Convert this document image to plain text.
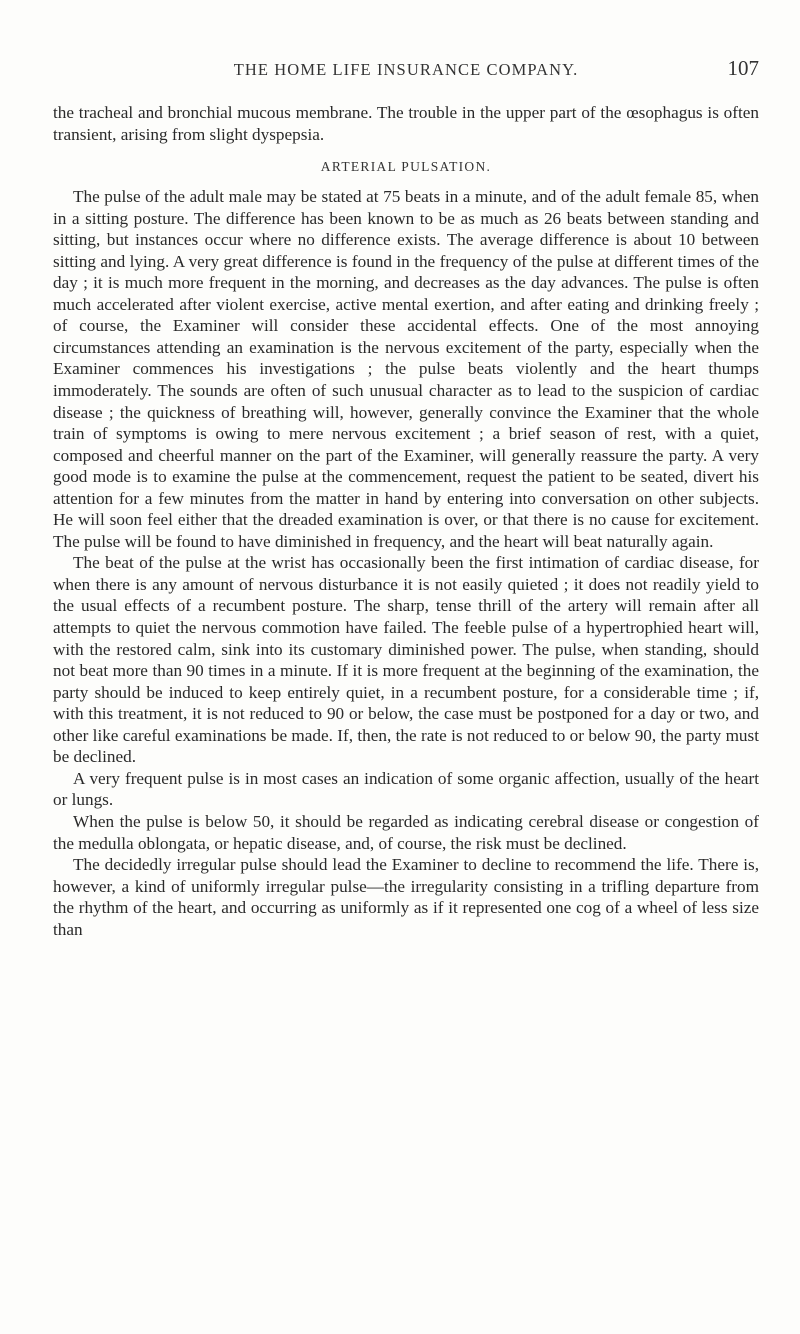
THE HOME LIFE INSURANCE COMPANY.	107

the tracheal and bronchial mucous membrane. The trouble in the upper part of the œsophagus is often transient, arising from slight dyspepsia.

ARTERIAL PULSATION.

The pulse of the adult male may be stated at 75 beats in a minute, and of the adult female 85, when in a sitting posture. The difference has been known to be as much as 26 beats between standing and sitting, but instances occur where no difference exists. The average difference is about 10 between sitting and lying. A very great difference is found in the frequency of the pulse at different times of the day ; it is much more frequent in the morning, and decreases as the day advances. The pulse is often much accelerated after violent exercise, active mental exertion, and after eating and drinking freely ; of course, the Examiner will consider these accidental effects. One of the most annoying circumstances attending an examination is the nervous excitement of the party, especially when the Examiner commences his investigations ; the pulse beats violently and the heart thumps immoderately. The sounds are often of such unusual character as to lead to the suspicion of cardiac disease ; the quickness of breathing will, however, generally convince the Examiner that the whole train of symptoms is owing to mere nervous excitement ; a brief season of rest, with a quiet, composed and cheerful manner on the part of the Examiner, will generally reassure the party. A very good mode is to examine the pulse at the commencement, request the patient to be seated, divert his attention for a few minutes from the matter in hand by entering into conversation on other subjects. He will soon feel either that the dreaded examination is over, or that there is no cause for excitement. The pulse will be found to have diminished in frequency, and the heart will beat naturally again.

The beat of the pulse at the wrist has occasionally been the first intimation of cardiac disease, for when there is any amount of nervous disturbance it is not easily quieted ; it does not readily yield to the usual effects of a recumbent posture. The sharp, tense thrill of the artery will remain after all attempts to quiet the nervous commotion have failed. The feeble pulse of a hypertrophied heart will, with the restored calm, sink into its customary diminished power. The pulse, when standing, should not beat more than 90 times in a minute. If it is more frequent at the beginning of the examination, the party should be induced to keep entirely quiet, in a recumbent posture, for a considerable time ; if, with this treatment, it is not reduced to 90 or below, the case must be postponed for a day or two, and other like careful examinations be made. If, then, the rate is not reduced to or below 90, the party must be declined.

A very frequent pulse is in most cases an indication of some organic affection, usually of the heart or lungs.

When the pulse is below 50, it should be regarded as indicating cerebral disease or congestion of the medulla oblongata, or hepatic disease, and, of course, the risk must be declined.

The decidedly irregular pulse should lead the Examiner to decline to recommend the life. There is, however, a kind of uniformly irregular pulse—the irregularity consisting in a trifling departure from the rhythm of the heart, and occurring as uniformly as if it represented one cog of a wheel of less size than
